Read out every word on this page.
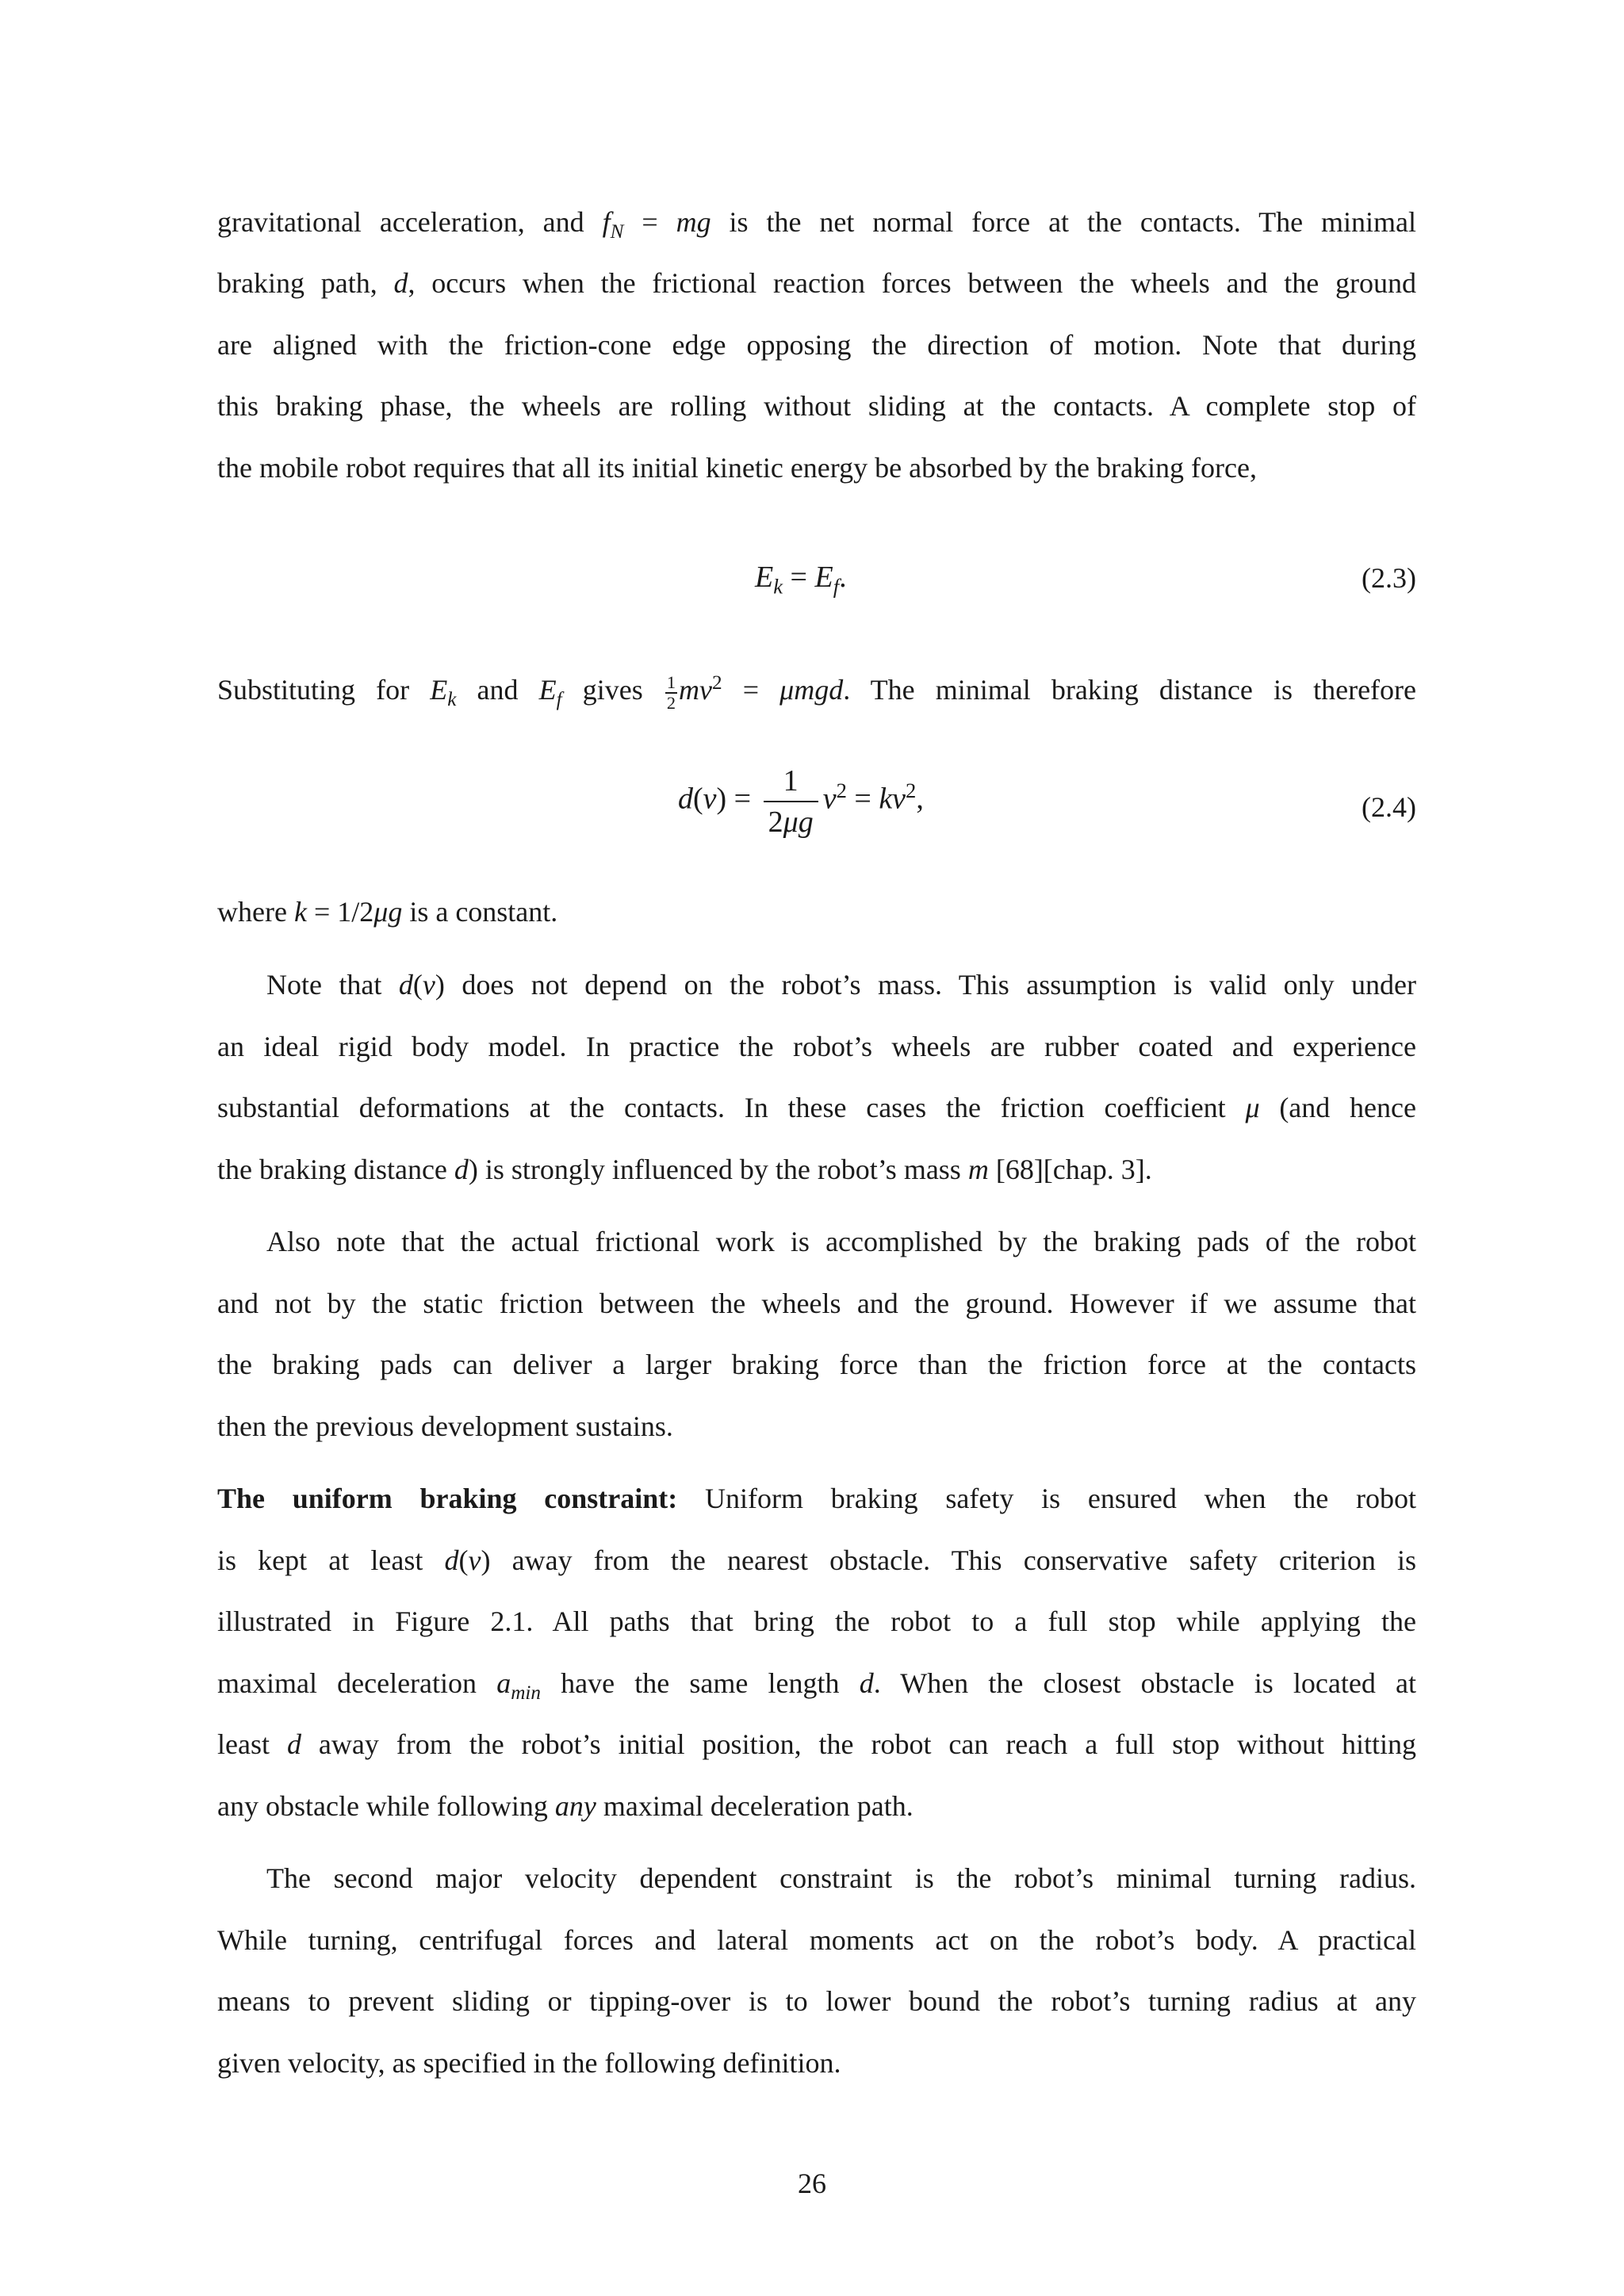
gravitational acceleration, and $f_N$ = mg is the net normal force at the contacts. The minimal
braking path, d, occurs when the frictional reaction forces between the wheels and the ground
are aligned with the friction-cone edge opposing the direction of motion. Note that during
this braking phase, the wheels are rolling without sliding at the contacts. A complete stop of
the mobile robot requires that all its initial kinetic energy be absorbed by the braking force,
$E_k = E_f$.	(2.3)
Substituting for $E_k$ and $E_f$ gives $\frac{1}{2} m\nu^2 = \mu mgd$. The minimal braking distance is therefore
$d(\nu) = \frac{1}{2\mu g} \nu^2 = k\nu^2$,	(2.4)
where k = 1/2μg is a constant.
Note that d(ν) does not depend on the robot’s mass. This assumption is valid only under
an ideal rigid body model. In practice the robot’s wheels are rubber coated and experience
substantial deformations at the contacts. In these cases the friction coefficient μ (and hence
the braking distance d) is strongly influenced by the robot’s mass m [68][chap. 3].
Also note that the actual frictional work is accomplished by the braking pads of the robot
and not by the static friction between the wheels and the ground. However if we assume that
the braking pads can deliver a larger braking force than the friction force at the contacts
then the previous development sustains.
The uniform braking constraint: Uniform braking safety is ensured when the robot
is kept at least d(ν) away from the nearest obstacle. This conservative safety criterion is
illustrated in Figure 2.1. All paths that bring the robot to a full stop while applying the
maximal deceleration $a_{min}$ have the same length d. When the closest obstacle is located at
least d away from the robot’s initial position, the robot can reach a full stop without hitting
any obstacle while following any maximal deceleration path.
The second major velocity dependent constraint is the robot’s minimal turning radius.
While turning, centrifugal forces and lateral moments act on the robot’s body. A practical
means to prevent sliding or tipping-over is to lower bound the robot’s turning radius at any
given velocity, as specified in the following definition.
26
